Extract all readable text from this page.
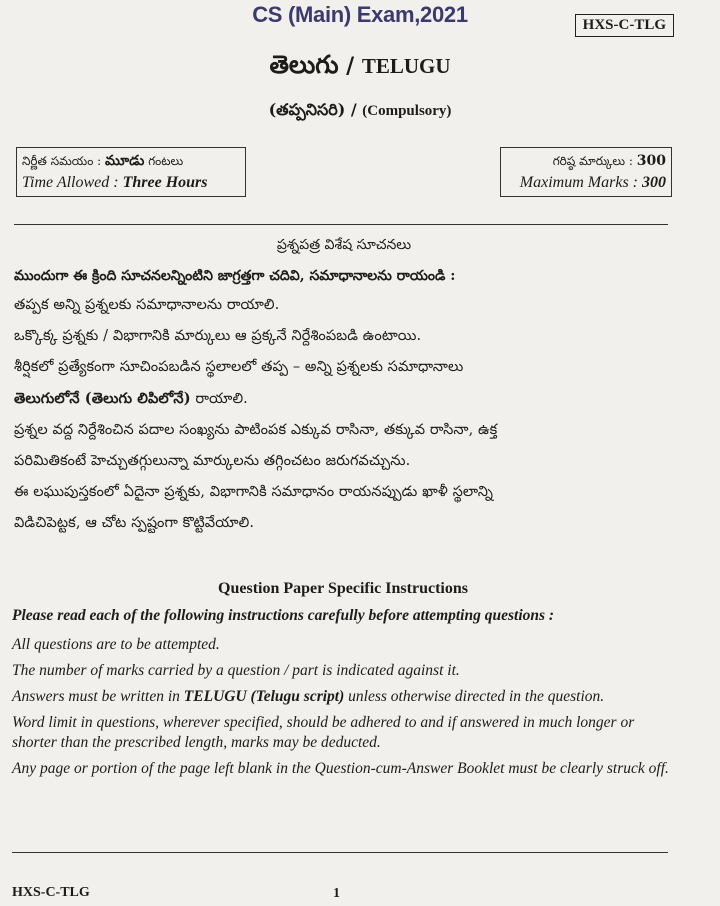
CS (Main) Exam,2021	HXS-C-TLG
తెలుగు / TELUGU
(తప్పనిసరి) / (Compulsory)
నిర్ణీత సమయం : మూడు గంటలు
Time Allowed : Three Hours
గరిష్ఠ మార్కులు : 300
Maximum Marks : 300

ప్రశ్నపత్ర విశేష సూచనలు

ముందుగా ఈ క్రింది సూచనలన్నింటిని జాగ్రత్తగా చదివి, సమాధానాలను రాయండి :

తప్పక అన్ని ప్రశ్నలకు సమాధానాలను రాయాలి.

ఒక్కొక్క ప్రశ్నకు / విభాగానికి మార్కులు ఆ ప్రక్కనే నిర్దేశింపబడి ఉంటాయి.

శీర్షికలో ప్రత్యేకంగా సూచింపబడిన స్థలాలలో తప్ప – అన్ని ప్రశ్నలకు సమాధానాలు

తెలుగులోనే (తెలుగు లిపిలోనే) రాయాలి.

ప్రశ్నల వద్ద నిర్దేశించిన పదాల సంఖ్యను పాటింపక ఎక్కువ రాసినా, తక్కువ రాసినా, ఉక్త

పరిమితికంటే హెచ్చుతగ్గులున్నా మార్కులను తగ్గించటం జరుగవచ్చును.

ఈ లఘుపుస్తకంలో ఏదైనా ప్రశ్నకు, విభాగానికి సమాధానం రాయనప్పుడు ఖాళీ స్థలాన్ని

విడిచిపెట్టక, ఆ చోట స్పష్టంగా కొట్టివేయాలి.

Question Paper Specific Instructions

Please read each of the following instructions carefully before attempting questions :

All questions are to be attempted.

The number of marks carried by a question / part is indicated against it.

Answers must be written in TELUGU (Telugu script) unless otherwise directed in the question.

Word limit in questions, wherever specified, should be adhered to and if answered in much longer or shorter than the prescribed length, marks may be deducted.

Any page or portion of the page left blank in the Question-cum-Answer Booklet must be clearly struck off.

HXS-C-TLG	1
